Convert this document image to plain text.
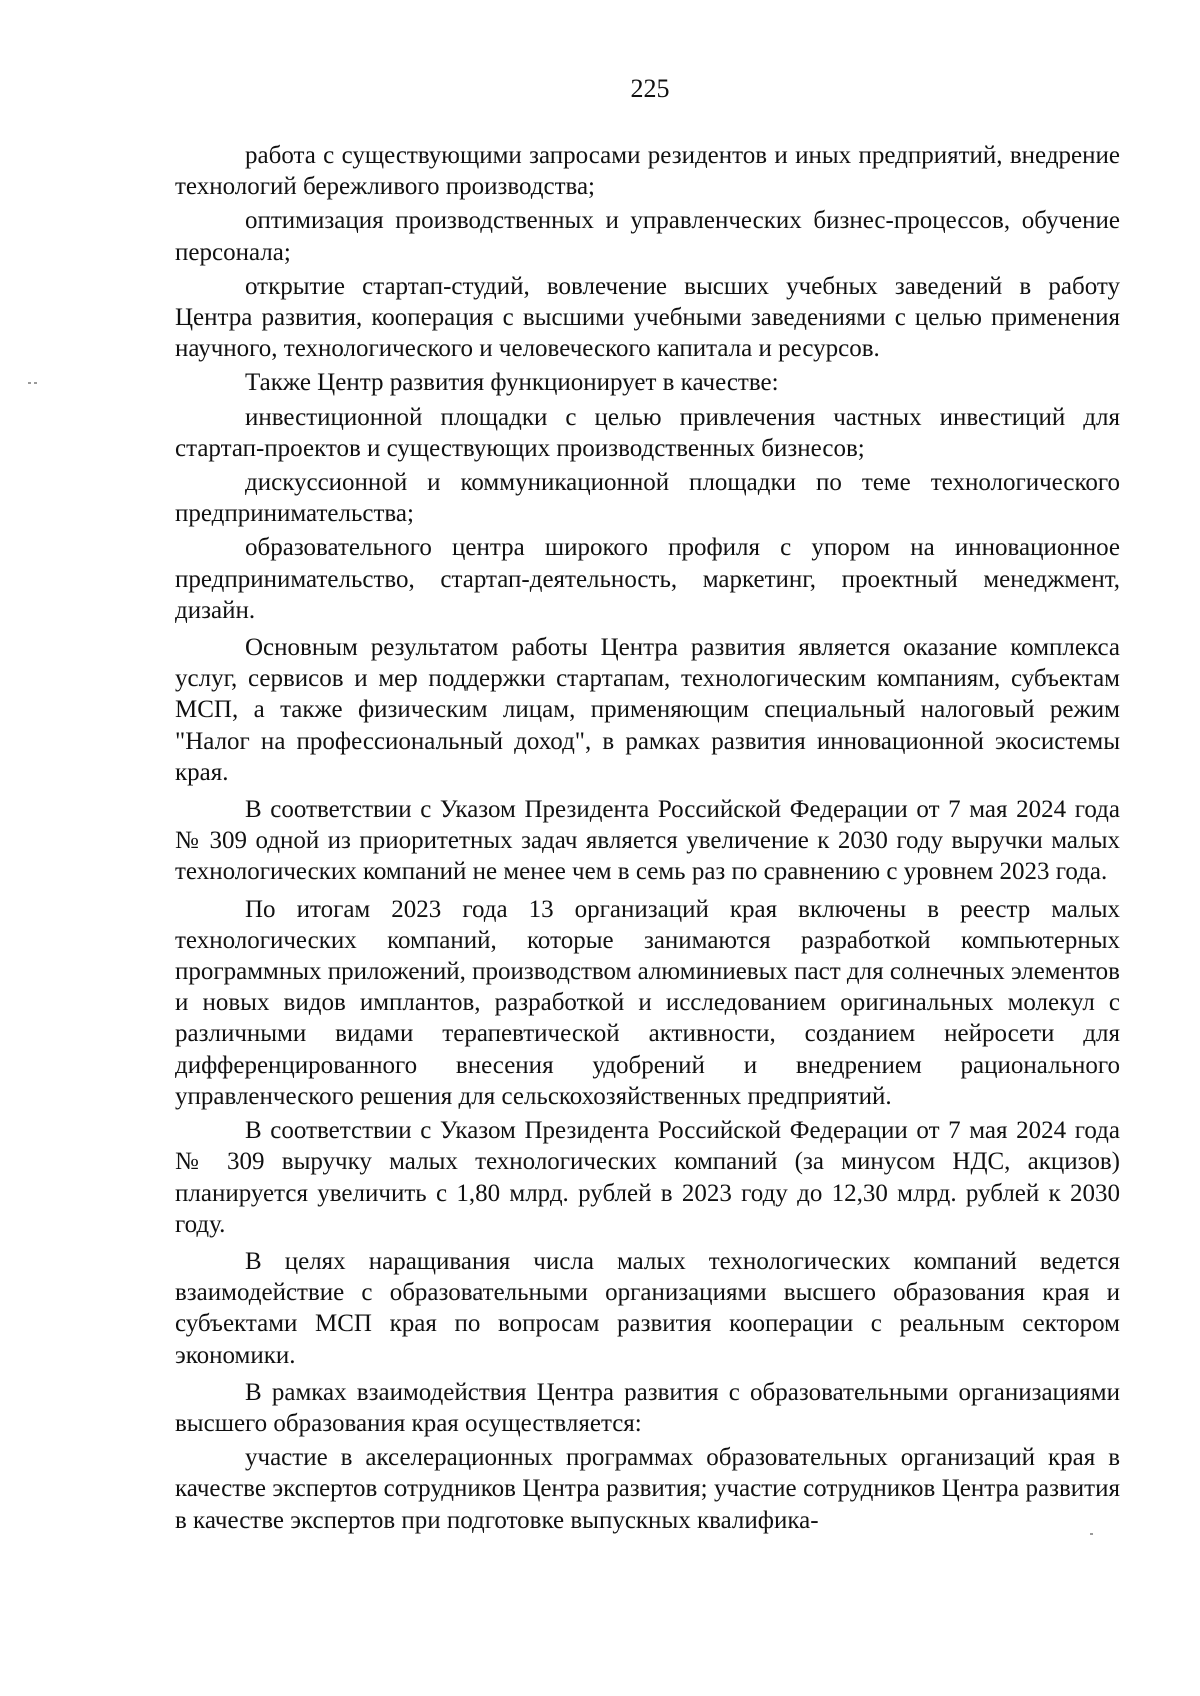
225

работа с существующими запросами резидентов и иных предприятий, внедрение технологий бережливого производства;

оптимизация производственных и управленческих бизнес-процессов, обучение персонала;

открытие стартап-студий, вовлечение высших учебных заведений в работу Центра развития, кооперация с высшими учебными заведениями с целью применения научного, технологического и человеческого капитала и ресурсов.

Также Центр развития функционирует в качестве:

инвестиционной площадки с целью привлечения частных инвестиций для стартап-проектов и существующих производственных бизнесов;

дискуссионной и коммуникационной площадки по теме технологического предпринимательства;

образовательного центра широкого профиля с упором на инновационное предпринимательство, стартап-деятельность, маркетинг, проектный менеджмент, дизайн.

Основным результатом работы Центра развития является оказание комплекса услуг, сервисов и мер поддержки стартапам, технологическим компаниям, субъектам МСП, а также физическим лицам, применяющим специальный налоговый режим "Налог на профессиональный доход", в рамках развития инновационной экосистемы края.

В соответствии с Указом Президента Российской Федерации от 7 мая 2024 года № 309 одной из приоритетных задач является увеличение к 2030 году выручки малых технологических компаний не менее чем в семь раз по сравнению с уровнем 2023 года.

По итогам 2023 года 13 организаций края включены в реестр малых технологических компаний, которые занимаются разработкой компьютерных программных приложений, производством алюминиевых паст для солнечных элементов и новых видов имплантов, разработкой и исследованием оригинальных молекул с различными видами терапевтической активности, созданием нейросети для дифференцированного внесения удобрений и внедрением рационального управленческого решения для сельскохозяйственных предприятий.

В соответствии с Указом Президента Российской Федерации от 7 мая 2024 года № 309 выручку малых технологических компаний (за минусом НДС, акцизов) планируется увеличить с 1,80 млрд. рублей в 2023 году до 12,30 млрд. рублей к 2030 году.

В целях наращивания числа малых технологических компаний ведется взаимодействие с образовательными организациями высшего образования края и субъектами МСП края по вопросам развития кооперации с реальным сектором экономики.

В рамках взаимодействия Центра развития с образовательными организациями высшего образования края осуществляется:

участие в акселерационных программах образовательных организаций края в качестве экспертов сотрудников Центра развития; участие сотрудников Центра развития в качестве экспертов при подготовке выпускных квалифика-
